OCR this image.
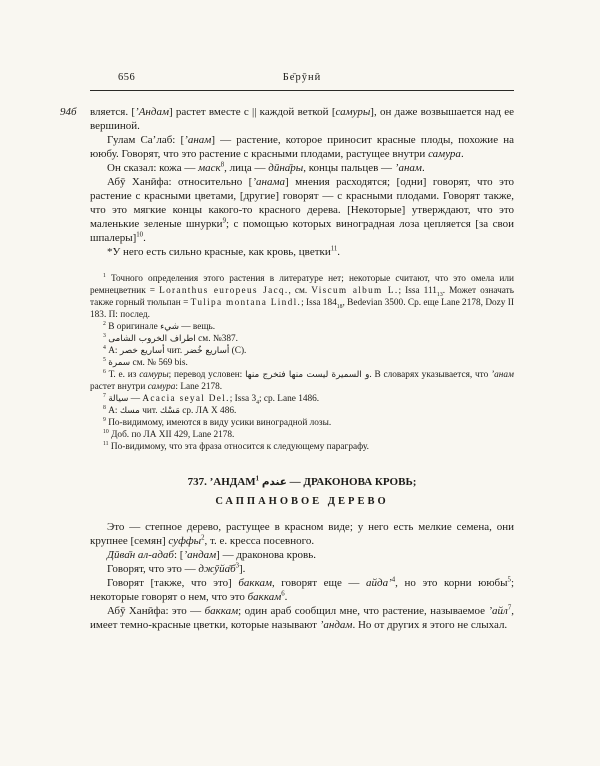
656	Бе̄рӯнӣ

94б вляется. [’Андам] растет вместе с || каждой веткой [самуры], он даже возвышается над ее вершиной.

Гулам Са’лаб: [’анам] — растение, которое приносит красные плоды, похожие на ююбу. Говорят, что это растение с красными плодами, растущее внутри самура.

Он сказал: кожа — маск$^8$, лица — дӣна̄ры, концы пальцев — ’анам.

Абӯ Ханӣфа: относительно [’анама] мнения расходятся; [одни] говорят, что это растение с красными цветами, [другие] говорят — с красными плодами. Говорят также, что это мягкие концы какого-то красного дерева. [Некоторые] утверждают, что это маленькие зеленые шнурки$^9$; с помощью которых виноградная лоза цепляется [за свои шпалеры]$^{10}$.

*У него есть сильно красные, как кровь, цветки$^{11}$.

$^1$ Точного определения этого растения в литературе нет; некоторые считают, что это омела или ремнецветник = Loranthus europeus Jacq., см. Viscum album L.; Issa $111_{13}$. Может означать также горный тюльпан = Tulipa montana Lindl.; Issa $184_{18}$, Bedevian 3500. Ср. еще Lane 2178, Dozy II 183. П: послед.

$^2$ В оригинале شيء — вещь.

$^3$ اطراف الخروب الشامى см. №387.

$^4$ А: أساريع خصر чит. أساريع خُضر (С).

$^5$ سمرة см. № 569 bis.

$^6$ Т. е. из самуры; перевод условен: و السميرة ليست منها فتخرج منها. В словарях указывается, что ’анам растет внутри самура: Lane 2178.

$^7$ سيالة — Acacia seyal Del.; Issa $3_4$; ср. Lane 1486.

$^8$ А: مسك чит. مَسْك ср. ЛА X 486.

$^9$ По-видимому, имеются в виду усики виноградной лозы.

$^{10}$ Доб. по ЛА XII 429, Lane 2178.

$^{11}$ По-видимому, что эта фраза относится к следующему параграфу.

737. ’АНДАМ$^1$ عندم — ДРАКОНОВА КРОВЬ;

САППАНОВОЕ ДЕРЕВО

Это — степное дерево, растущее в красном виде; у него есть мелкие семена, они крупнее [семян] суффы$^2$, т. е. кресса посевного.

Дӣва̄н ал-адаб: [’андам] — драконова кровь.

Говорят, что это — $джӯйа̄б^3$].

Говорят [также, что это] баккам, говорят еще — айда’$^4$, но это корни ююбы$^5$; некоторые говорят о нем, что это баккам$^6$.

Абӯ Ханӣфа: это — баккам; один араб сообщил мне, что растение, называемое ’айл$^7$, имеет темно-красные цветки, которые называют ’андам. Но от других я этого не слыхал.
